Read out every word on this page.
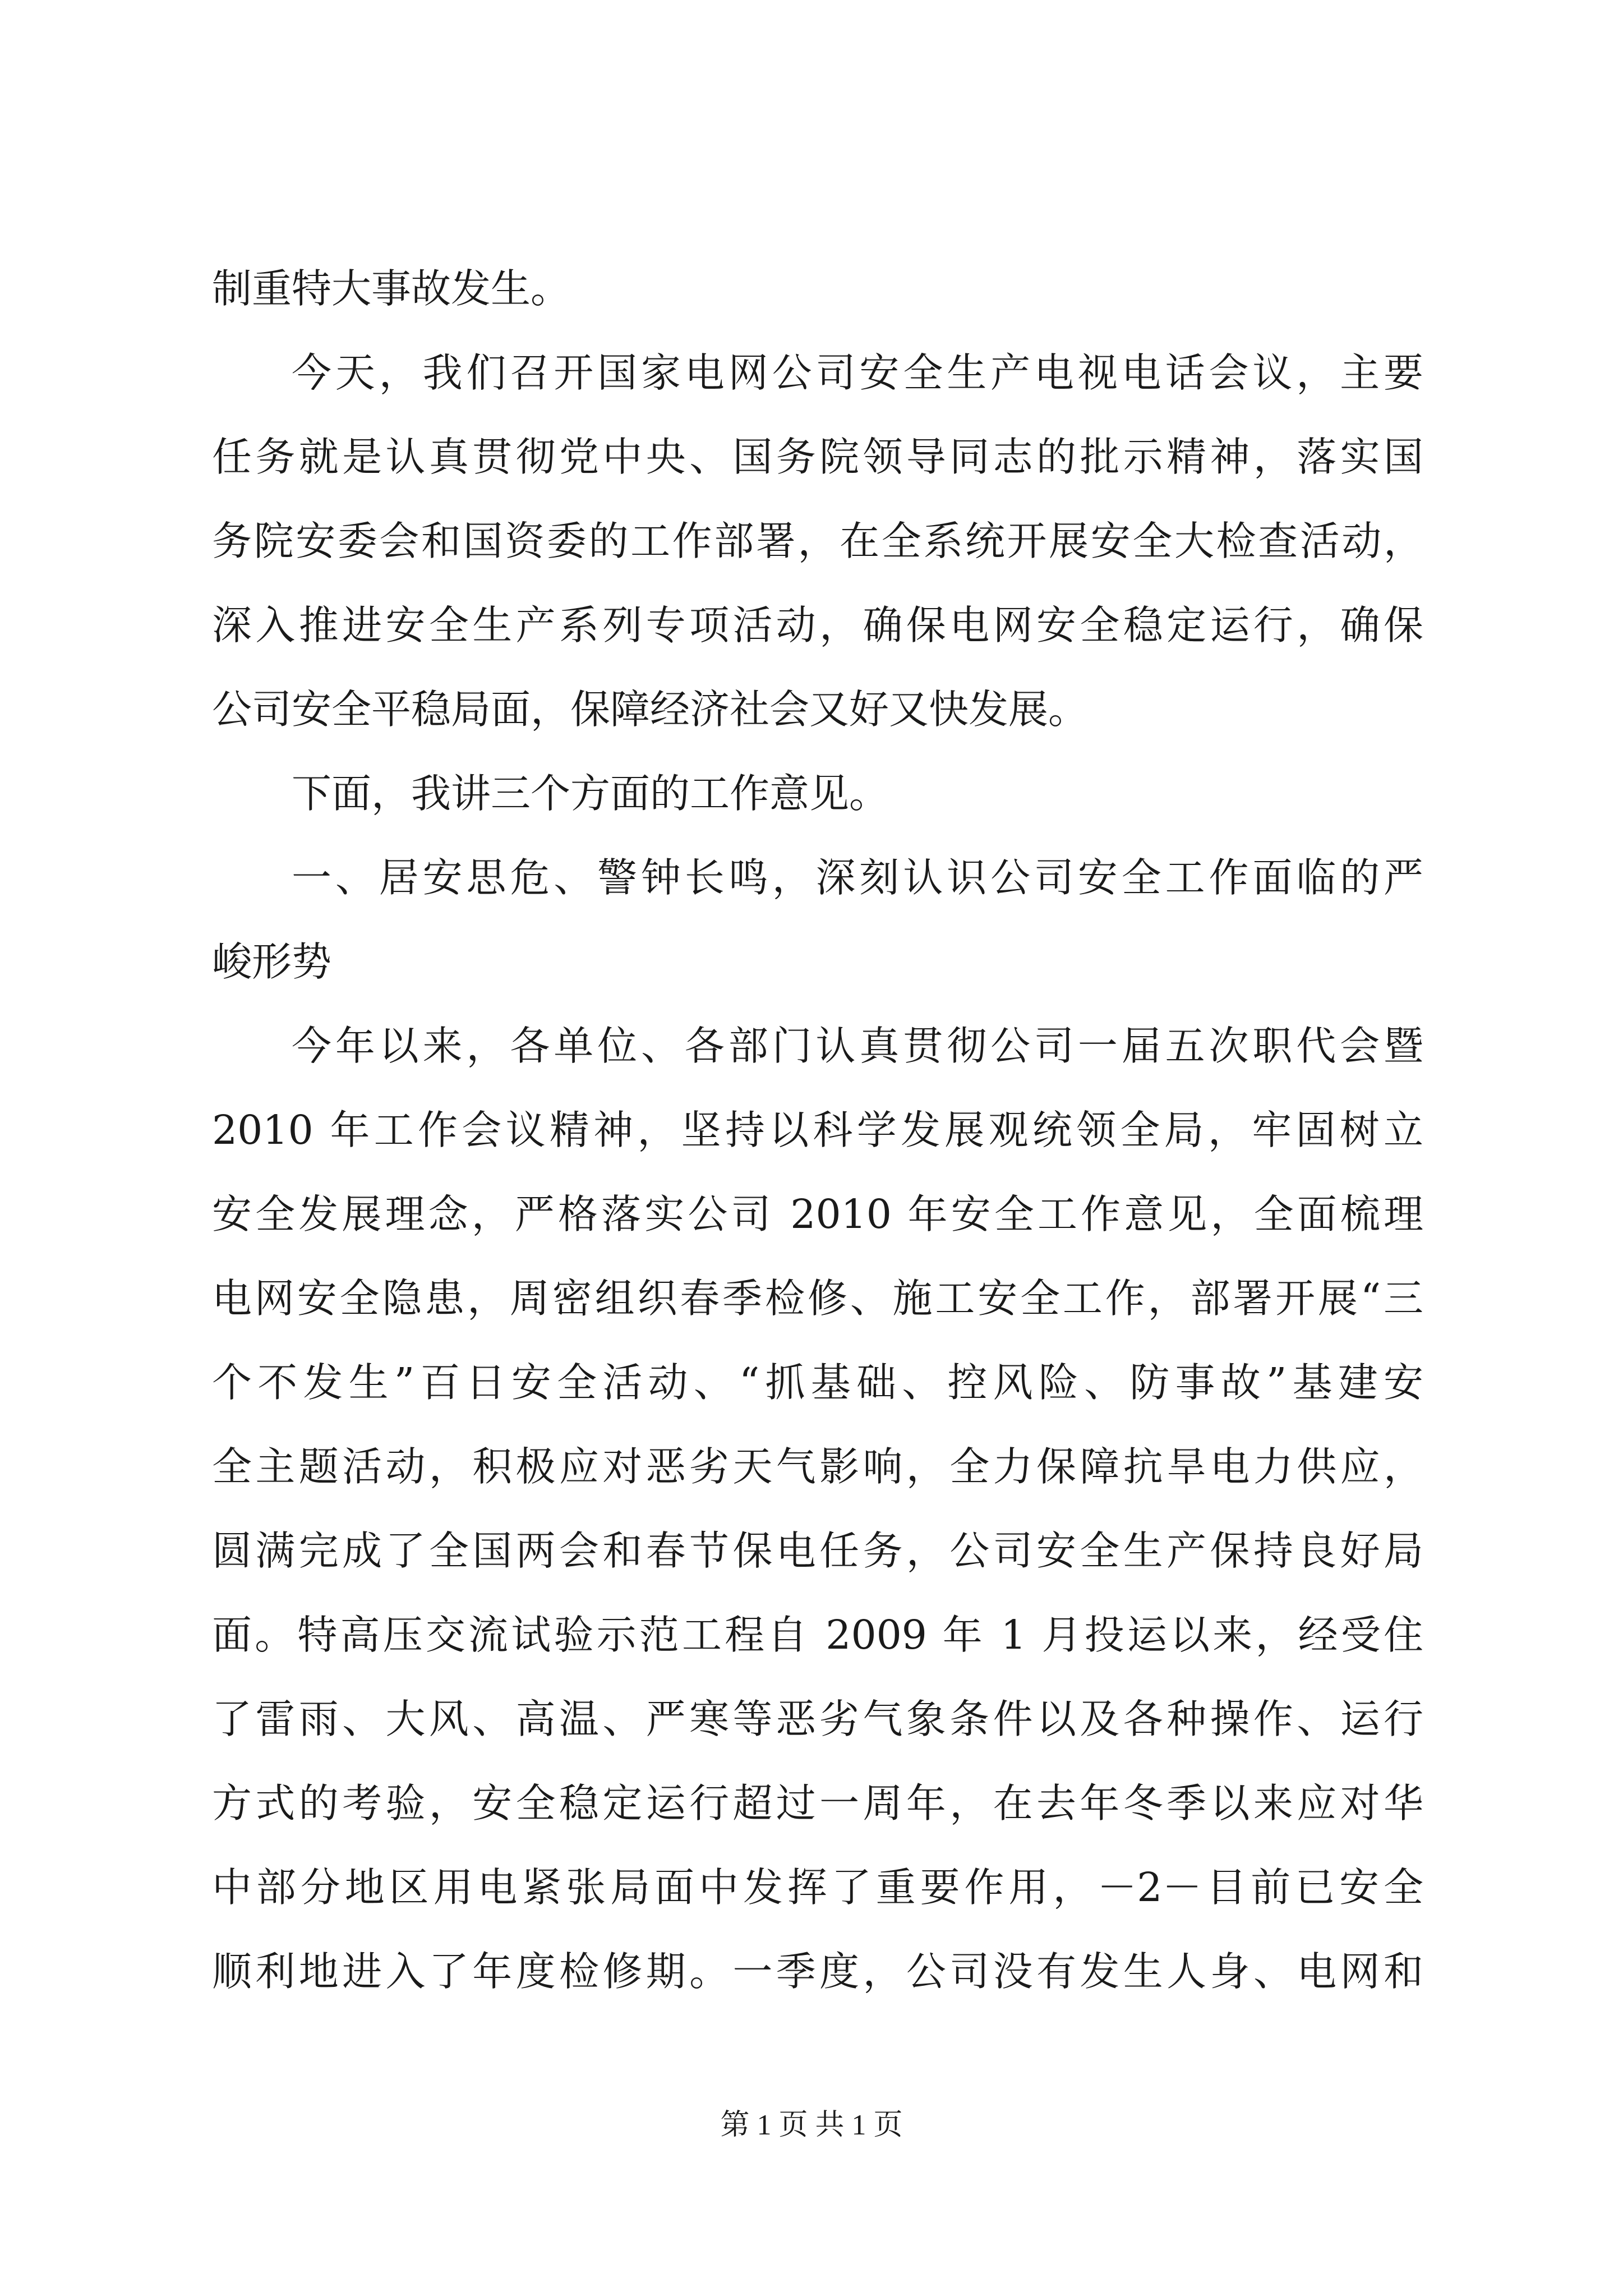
制重特大事故发生。
今天，我们召开国家电网公司安全生产电视电话会议，主要
任务就是认真贯彻党中央、国务院领导同志的批示精神，落实国
务院安委会和国资委的工作部署，在全系统开展安全大检查活动，
深入推进安全生产系列专项活动，确保电网安全稳定运行，确保
公司安全平稳局面，保障经济社会又好又快发展。
下面，我讲三个方面的工作意见。
一、居安思危、警钟长鸣，深刻认识公司安全工作面临的严
峻形势
今年以来，各单位、各部门认真贯彻公司一届五次职代会暨
2010 年工作会议精神，坚持以科学发展观统领全局，牢固树立
安全发展理念，严格落实公司 2010 年安全工作意见，全面梳理
电网安全隐患，周密组织春季检修、施工安全工作，部署开展“三
个不发生”百日安全活动、“抓基础、控风险、防事故”基建安
全主题活动，积极应对恶劣天气影响，全力保障抗旱电力供应，
圆满完成了全国两会和春节保电任务，公司安全生产保持良好局
面。特高压交流试验示范工程自 2009 年 1 月投运以来，经受住
了雷雨、大风、高温、严寒等恶劣气象条件以及各种操作、运行
方式的考验，安全稳定运行超过一周年，在去年冬季以来应对华
中部分地区用电紧张局面中发挥了重要作用，－2－目前已安全
顺利地进入了年度检修期。一季度，公司没有发生人身、电网和
第 1 页 共 1 页
